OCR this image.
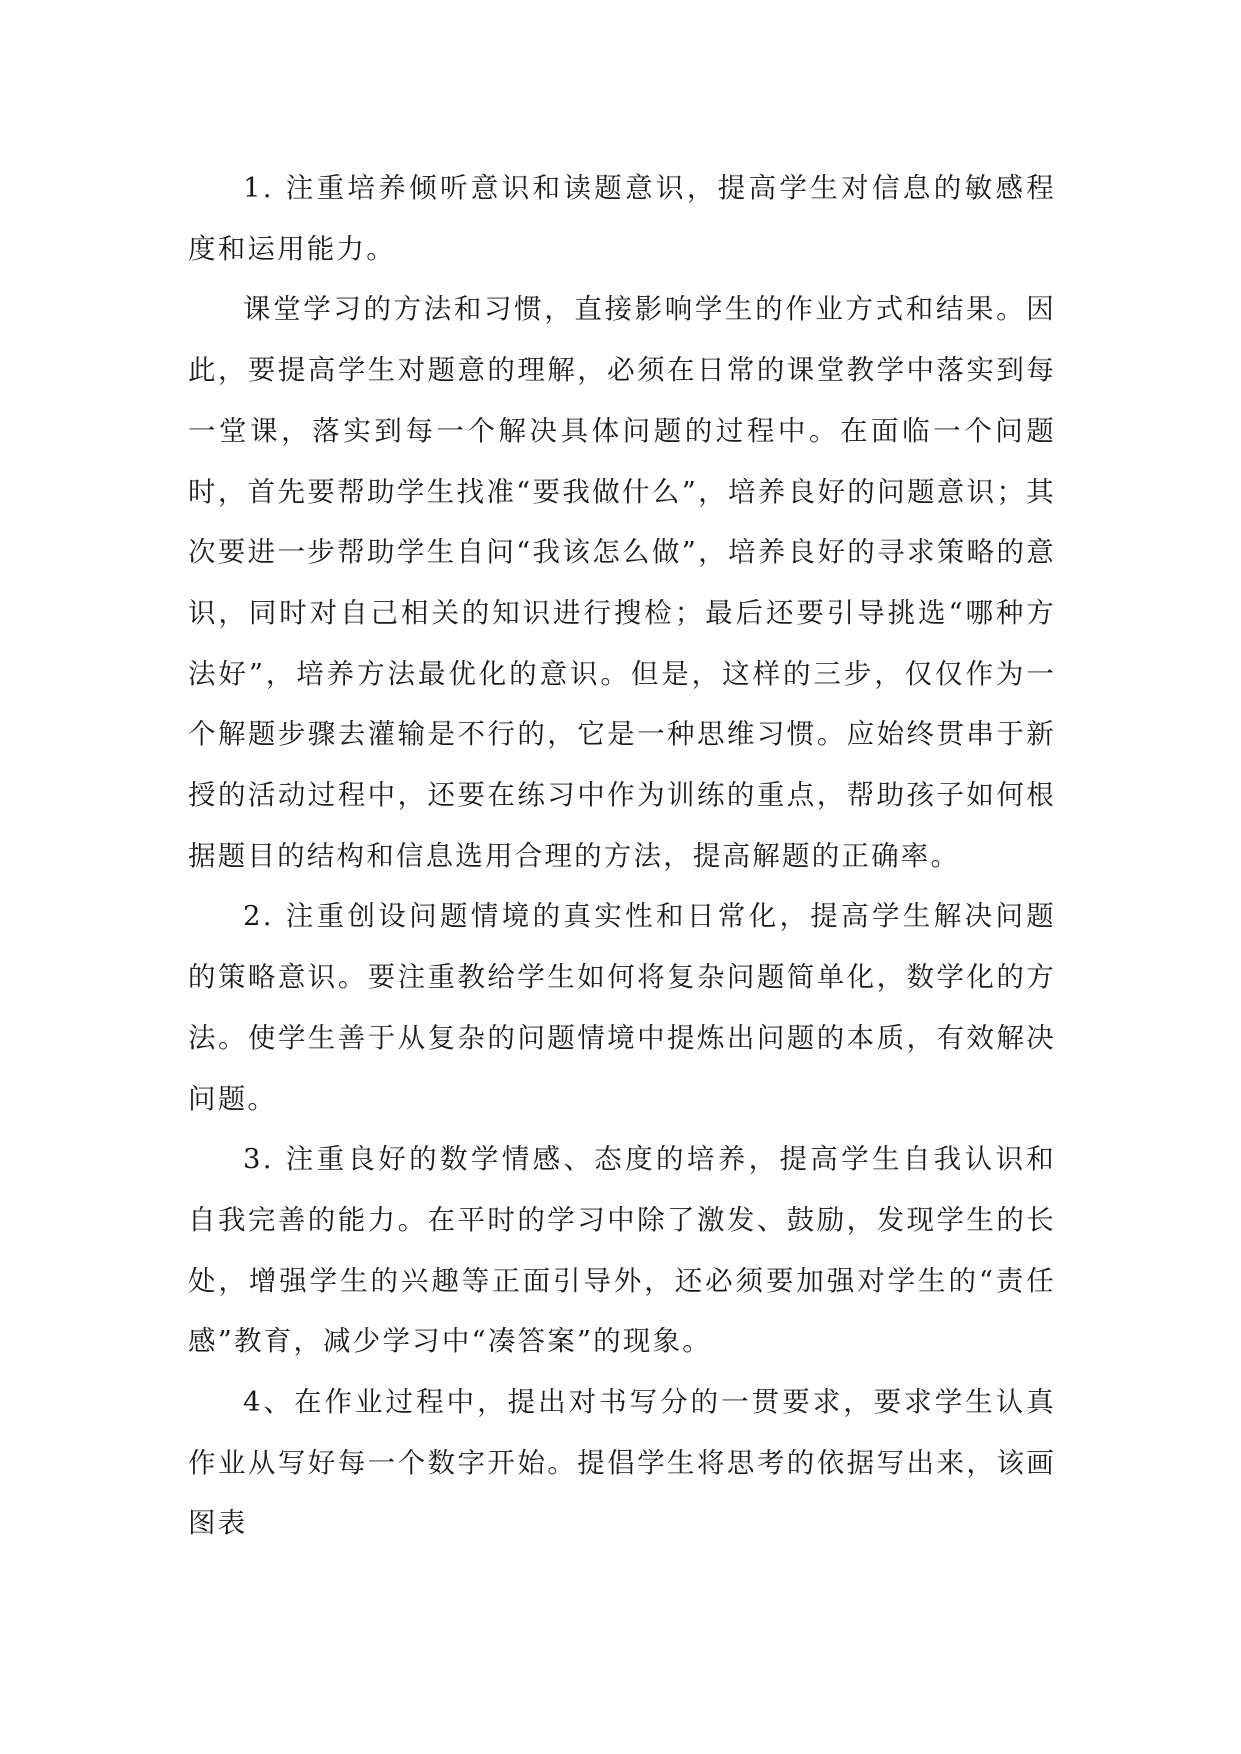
1. 注重培养倾听意识和读题意识，提高学生对信息的敏感程度和运用能力。

课堂学习的方法和习惯，直接影响学生的作业方式和结果。因此，要提高学生对题意的理解，必须在日常的课堂教学中落实到每一堂课，落实到每一个解决具体问题的过程中。在面临一个问题时，首先要帮助学生找准“要我做什么”，培养良好的问题意识；其次要进一步帮助学生自问“我该怎么做”，培养良好的寻求策略的意识，同时对自己相关的知识进行搜检；最后还要引导挑选“哪种方法好”，培养方法最优化的意识。但是，这样的三步，仅仅作为一个解题步骤去灌输是不行的，它是一种思维习惯。应始终贯串于新授的活动过程中，还要在练习中作为训练的重点，帮助孩子如何根据题目的结构和信息选用合理的方法，提高解题的正确率。

2. 注重创设问题情境的真实性和日常化，提高学生解决问题的策略意识。要注重教给学生如何将复杂问题简单化，数学化的方法。使学生善于从复杂的问题情境中提炼出问题的本质，有效解决问题。

3. 注重良好的数学情感、态度的培养，提高学生自我认识和自我完善的能力。在平时的学习中除了激发、鼓励，发现学生的长处，增强学生的兴趣等正面引导外，还必须要加强对学生的“责任感”教育，减少学习中“凑答案”的现象。

4、在作业过程中，提出对书写分的一贯要求，要求学生认真作业从写好每一个数字开始。提倡学生将思考的依据写出来，该画图表
